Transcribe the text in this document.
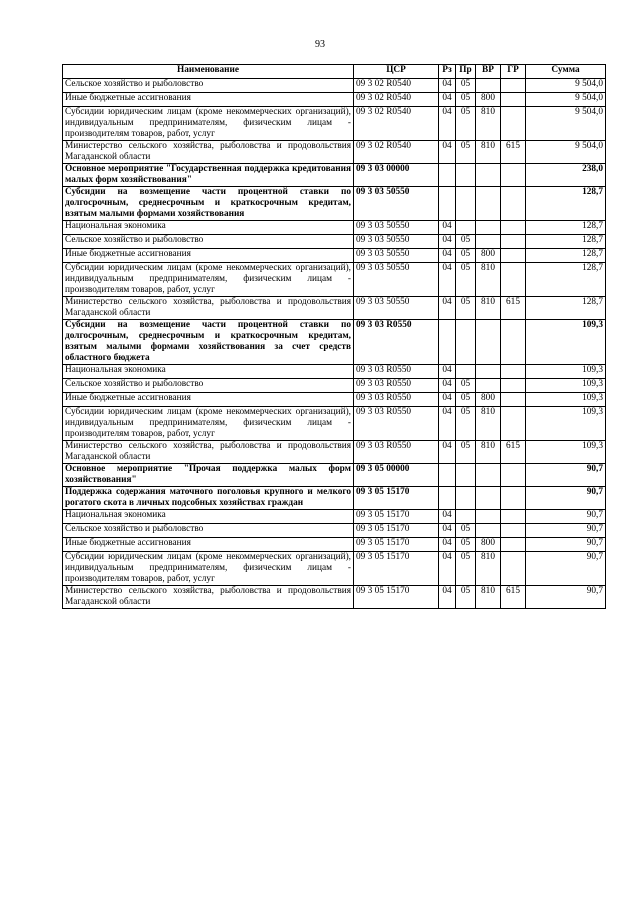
93
Наименование	ЦСР	Рз	Пр	ВР	ГР	Сумма
Сельское хозяйство и рыболовство	09 3 02 R0540	04	05			9 504,0
Иные бюджетные ассигнования	09 3 02 R0540	04	05	800		9 504,0
Субсидии юридическим лицам (кроме некоммерческих организаций), индивидуальным предпринимателям, физическим лицам - производителям товаров, работ, услуг	09 3 02 R0540	04	05	810		9 504,0
Министерство сельского хозяйства, рыболовства и продовольствия Магаданской области	09 3 02 R0540	04	05	810	615	9 504,0
Основное мероприятие "Государственная поддержка кредитования малых форм хозяйствования"	09 3 03 00000					238,0
Субсидии на возмещение части процентной ставки по долгосрочным, среднесрочным и краткосрочным кредитам, взятым малыми формами хозяйствования	09 3 03 50550					128,7
Национальная экономика	09 3 03 50550	04				128,7
Сельское хозяйство и рыболовство	09 3 03 50550	04	05			128,7
Иные бюджетные ассигнования	09 3 03 50550	04	05	800		128,7
Субсидии юридическим лицам (кроме некоммерческих организаций), индивидуальным предпринимателям, физическим лицам - производителям товаров, работ, услуг	09 3 03 50550	04	05	810		128,7
Министерство сельского хозяйства, рыболовства и продовольствия Магаданской области	09 3 03 50550	04	05	810	615	128,7
Субсидии на возмещение части процентной ставки по долгосрочным, среднесрочным и краткосрочным кредитам, взятым малыми формами хозяйствования за счет средств областного бюджета	09 3 03 R0550					109,3
Национальная экономика	09 3 03 R0550	04				109,3
Сельское хозяйство и рыболовство	09 3 03 R0550	04	05			109,3
Иные бюджетные ассигнования	09 3 03 R0550	04	05	800		109,3
Субсидии юридическим лицам (кроме некоммерческих организаций), индивидуальным предпринимателям, физическим лицам - производителям товаров, работ, услуг	09 3 03 R0550	04	05	810		109,3
Министерство сельского хозяйства, рыболовства и продовольствия Магаданской области	09 3 03 R0550	04	05	810	615	109,3
Основное мероприятие "Прочая поддержка малых форм хозяйствования"	09 3 05 00000					90,7
Поддержка содержания маточного поголовья крупного и мелкого рогатого скота в личных подсобных хозяйствах граждан	09 3 05 15170					90,7
Национальная экономика	09 3 05 15170	04				90,7
Сельское хозяйство и рыболовство	09 3 05 15170	04	05			90,7
Иные бюджетные ассигнования	09 3 05 15170	04	05	800		90,7
Субсидии юридическим лицам (кроме некоммерческих организаций), индивидуальным предпринимателям, физическим лицам - производителям товаров, работ, услуг	09 3 05 15170	04	05	810		90,7
Министерство сельского хозяйства, рыболовства и продовольствия Магаданской области	09 3 05 15170	04	05	810	615	90,7
